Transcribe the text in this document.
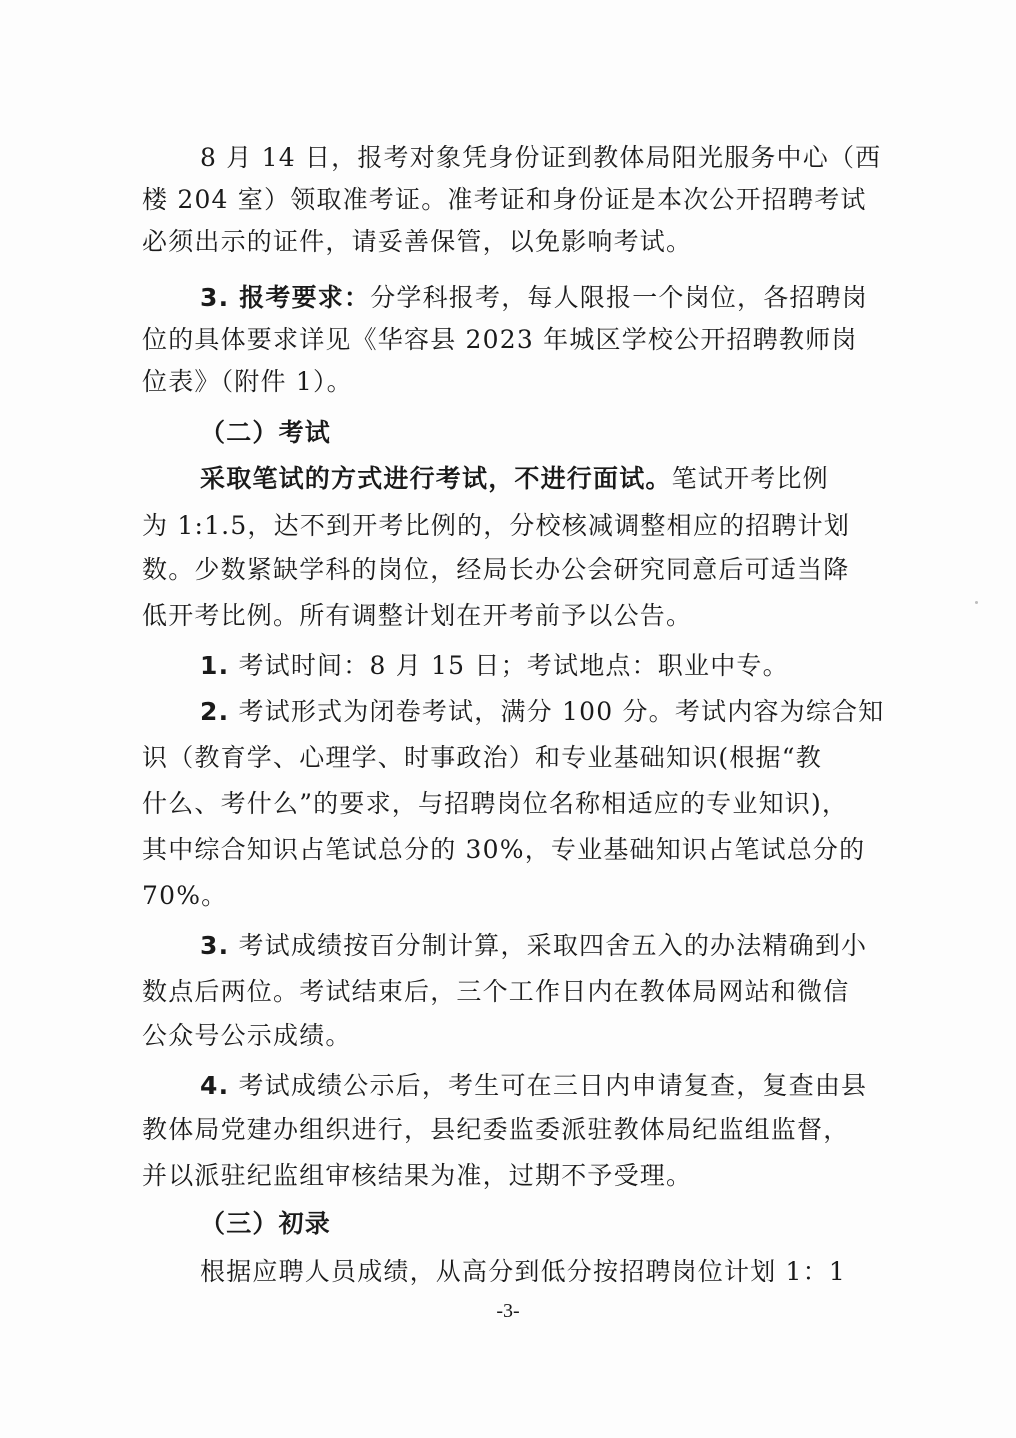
8 月 14 日，报考对象凭身份证到教体局阳光服务中心（西
楼 204 室）领取准考证。准考证和身份证是本次公开招聘考试
必须出示的证件，请妥善保管，以免影响考试。
3. 报考要求：分学科报考，每人限报一个岗位，各招聘岗
位的具体要求详见《华容县 2023 年城区学校公开招聘教师岗
位表》（附件 1）。
（二）考试
采取笔试的方式进行考试，不进行面试。笔试开考比例
为 1:1.5，达不到开考比例的，分校核减调整相应的招聘计划
数。少数紧缺学科的岗位，经局长办公会研究同意后可适当降
低开考比例。所有调整计划在开考前予以公告。
1. 考试时间：8 月 15 日；考试地点：职业中专。
2. 考试形式为闭卷考试，满分 100 分。考试内容为综合知
识（教育学、心理学、时事政治）和专业基础知识(根据“教
什么、考什么”的要求，与招聘岗位名称相适应的专业知识)，
其中综合知识占笔试总分的 30%，专业基础知识占笔试总分的
70%。
3. 考试成绩按百分制计算，采取四舍五入的办法精确到小
数点后两位。考试结束后，三个工作日内在教体局网站和微信
公众号公示成绩。
4. 考试成绩公示后，考生可在三日内申请复查，复查由县
教体局党建办组织进行，县纪委监委派驻教体局纪监组监督，
并以派驻纪监组审核结果为准，过期不予受理。
（三）初录
根据应聘人员成绩，从高分到低分按招聘岗位计划 1：1
-3-
